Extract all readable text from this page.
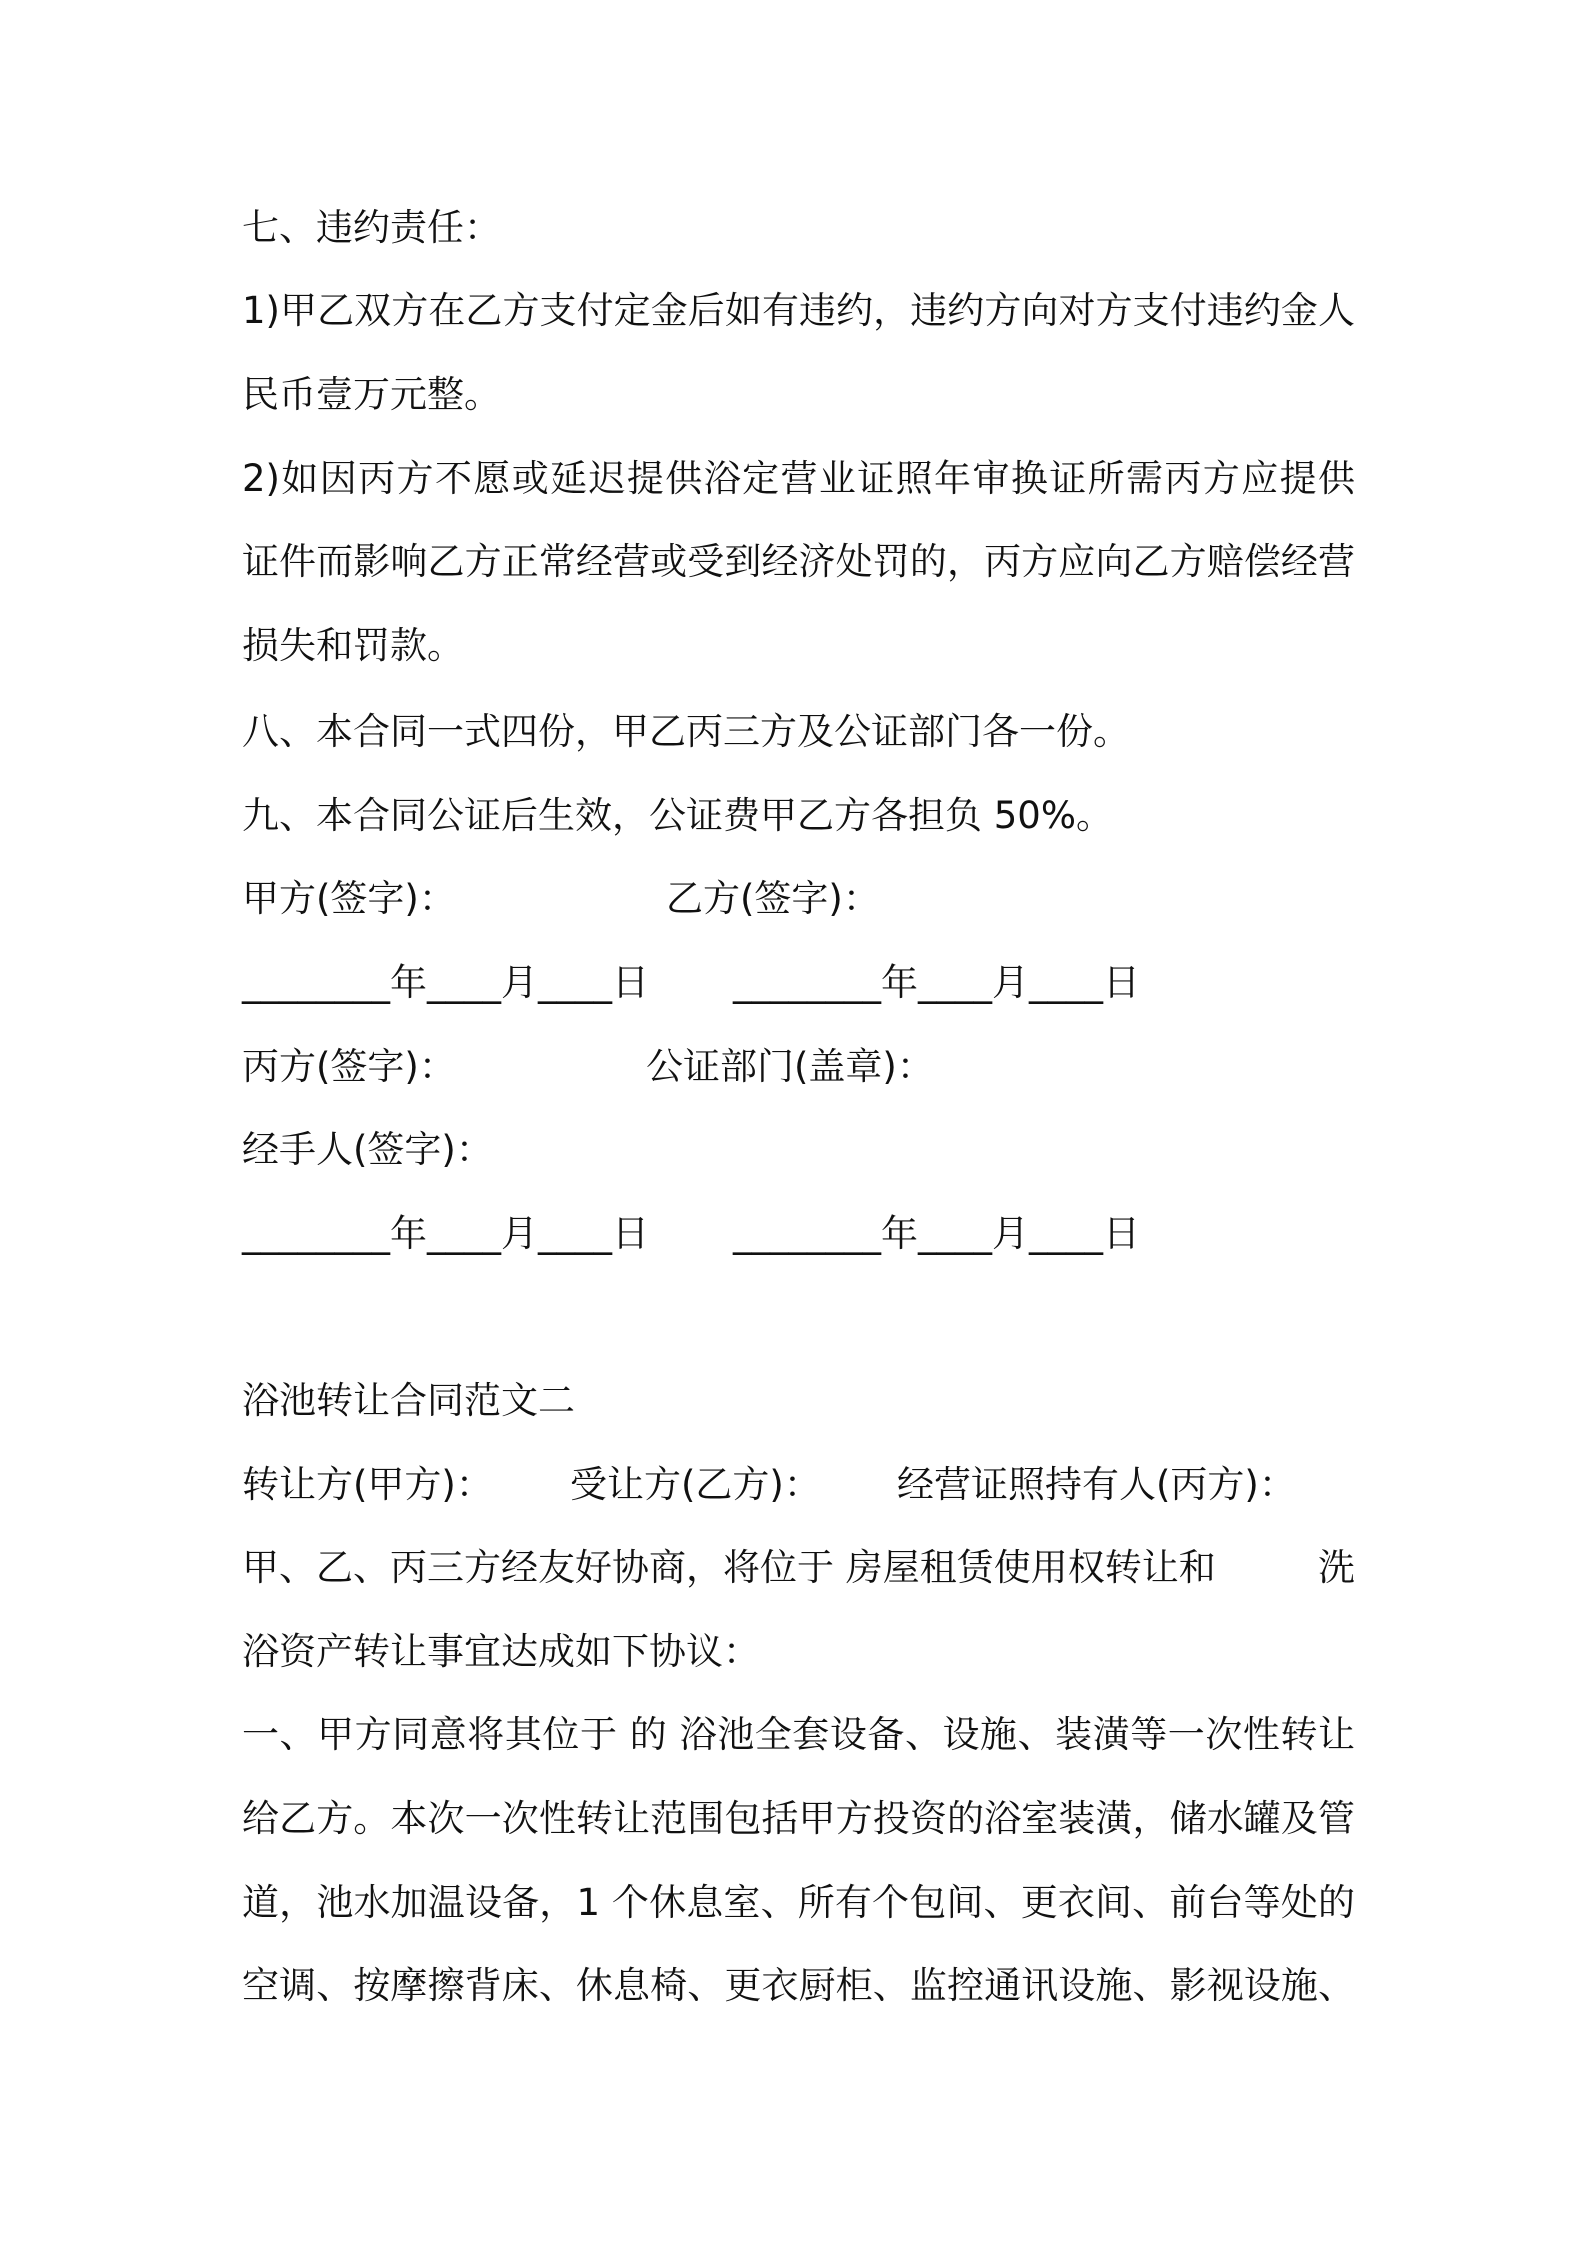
七、违约责任：
1)甲乙双方在乙方支付定金后如有违约，违约方向对方支付违约金人
民币壹万元整。
2)如因丙方不愿或延迟提供浴定营业证照年审换证所需丙方应提供
证件而影响乙方正常经营或受到经济处罚的，丙方应向乙方赔偿经营
损失和罚款。
八、本合同一式四份，甲乙丙三方及公证部门各一份。
九、本合同公证后生效，公证费甲乙方各担负 50%。
甲方(签字)：	乙方(签字)：
________年____月____日 ________年____月____日
丙方(签字)：	公证部门(盖章)：
经手人(签字)：
________年____月____日 ________年____月____日
浴池转让合同范文二
转让方(甲方)： 受让方(乙方)： 经营证照持有人(丙方)：
甲、乙、丙三方经友好协商，将位于 房屋租赁使用权转让和	洗
浴资产转让事宜达成如下协议：
一、甲方同意将其位于 的 浴池全套设备、设施、装潢等一次性转让
给乙方。本次一次性转让范围包括甲方投资的浴室装潢，储水罐及管
道，池水加温设备，1 个休息室、所有个包间、更衣间、前台等处的
空调、按摩擦背床、休息椅、更衣厨柜、监控通讯设施、影视设施、
